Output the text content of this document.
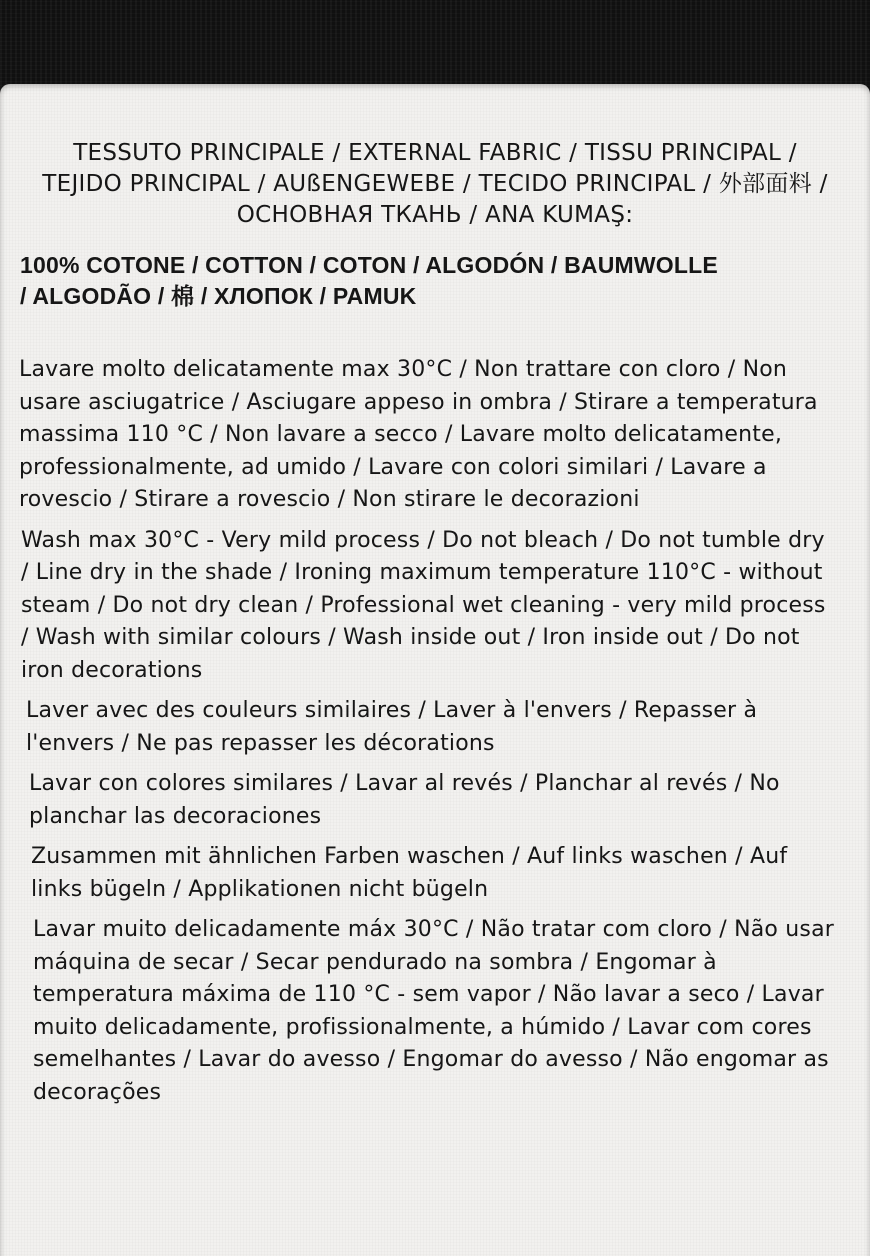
TESSUTO PRINCIPALE / EXTERNAL FABRIC / TISSU PRINCIPAL / TEJIDO PRINCIPAL / AUßENGEWEBE / TECIDO PRINCIPAL / 外部面料 / ОСНОВНАЯ ТКАНЬ / ANA KUMAŞ:
100% COTONE / COTTON / COTON / ALGODÓN / BAUMWOLLE / ALGODÃO / 棉 / ХЛОПОК / PAMUK

Lavare molto delicatamente max 30°C / Non trattare con cloro / Non usare asciugatrice / Asciugare appeso in ombra / Stirare a temperatura massima 110 °C / Non lavare a secco / Lavare molto delicatamente, professionalmente, ad umido / Lavare con colori similari / Lavare a rovescio / Stirare a rovescio / Non stirare le decorazioni

Wash max 30°C - Very mild process / Do not bleach / Do not tumble dry / Line dry in the shade / Ironing maximum temperature 110°C - without steam / Do not dry clean / Professional wet cleaning - very mild process / Wash with similar colours / Wash inside out / Iron inside out / Do not iron decorations

Laver avec des couleurs similaires / Laver à l'envers / Repasser à l'envers / Ne pas repasser les décorations

Lavar con colores similares / Lavar al revés / Planchar al revés / No planchar las decoraciones

Zusammen mit ähnlichen Farben waschen / Auf links waschen / Auf links bügeln / Applikationen nicht bügeln

Lavar muito delicadamente máx 30°C / Não tratar com cloro / Não usar máquina de secar / Secar pendurado na sombra / Engomar à temperatura máxima de 110 °C - sem vapor / Não lavar a seco / Lavar muito delicadamente, profissionalmente, a húmido / Lavar com cores semelhantes / Lavar do avesso / Engomar do avesso / Não engomar as decorações
